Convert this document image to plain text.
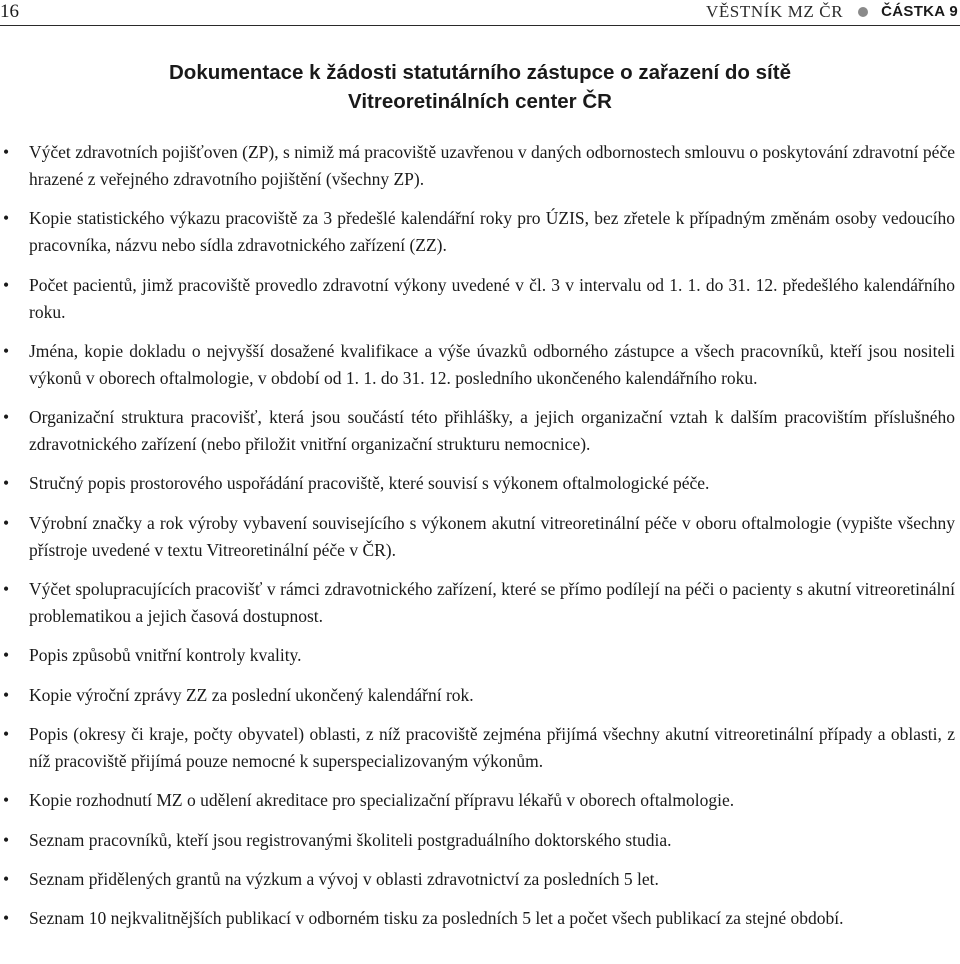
16	VĚSTNÍK MZ ČR	ČÁSTKA 9
Dokumentace k žádosti statutárního zástupce o zařazení do sítě
Vitreoretinálních center ČR
• Výčet zdravotních pojišťoven (ZP), s nimiž má pracoviště uzavřenou v daných odbornostech smlouvu o poskytování zdravotní péče hrazené z veřejného zdravotního pojištění (všechny ZP).
• Kopie statistického výkazu pracoviště za 3 předešlé kalendářní roky pro ÚZIS, bez zřetele k případným změnám osoby vedoucího pracovníka, názvu nebo sídla zdravotnického zařízení (ZZ).
• Počet pacientů, jimž pracoviště provedlo zdravotní výkony uvedené v čl. 3 v intervalu od 1. 1. do 31. 12. předešlého kalendářního roku.
• Jména, kopie dokladu o nejvyšší dosažené kvalifikace a výše úvazků odborného zástupce a všech pracovníků, kteří jsou nositeli výkonů v oborech oftalmologie, v období od 1. 1. do 31. 12. posledního ukončeného kalendářního roku.
• Organizační struktura pracovišť, která jsou součástí této přihlášky, a jejich organizační vztah k dalším pracovištím příslušného zdravotnického zařízení (nebo přiložit vnitřní organizační strukturu nemocnice).
• Stručný popis prostorového uspořádání pracoviště, které souvisí s výkonem oftalmologické péče.
• Výrobní značky a rok výroby vybavení souvisejícího s výkonem akutní vitreoretinální péče v oboru oftalmologie (vypište všechny přístroje uvedené v textu Vitreoretinální péče v ČR).
• Výčet spolupracujících pracovišť v rámci zdravotnického zařízení, které se přímo podílejí na péči o pacienty s akutní vitreoretinální problematikou a jejich časová dostupnost.
• Popis způsobů vnitřní kontroly kvality.
• Kopie výroční zprávy ZZ za poslední ukončený kalendářní rok.
• Popis (okresy či kraje, počty obyvatel) oblasti, z níž pracoviště zejména přijímá všechny akutní vitreoretinální případy a oblasti, z níž pracoviště přijímá pouze nemocné k superspecializovaným výkonům.
• Kopie rozhodnutí MZ o udělení akreditace pro specializační přípravu lékařů v oborech oftalmologie.
• Seznam pracovníků, kteří jsou registrovanými školiteli postgraduálního doktorského studia.
• Seznam přidělených grantů na výzkum a vývoj v oblasti zdravotnictví za posledních 5 let.
• Seznam 10 nejkvalitnějších publikací v odborném tisku za posledních 5 let a počet všech publikací za stejné období.
